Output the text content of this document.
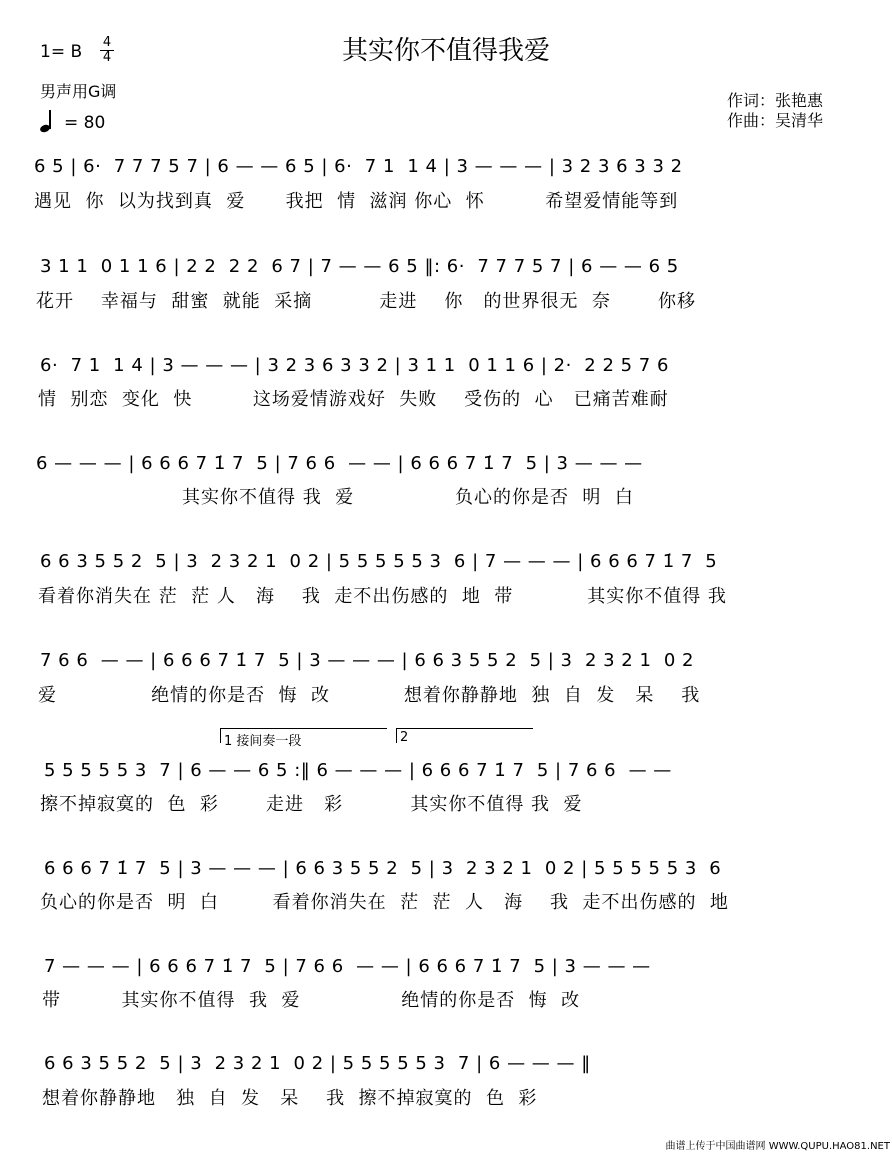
其实你不值得我爱
1= B 4
4
男声用G调
= 80
作词：张艳惠
作曲：吴清华
6 5 | 6·  7 7 7 5 7 | 6 — — 6 5 | 6·  7 1  1 4 | 3 — — — | 3 2 3 6 3 3 2
遇见  你  以为找到真  爱      我把  情  滋润 你心  怀         希望爱情能等到
3 1 1  0 1 1 6 | 2 2  2 2  6 7 | 7 — — 6 5 ‖: 6·  7 7 7 5 7 | 6 — — 6 5
花开    幸福与  甜蜜  就能  采摘          走进    你   的世界很无  奈       你移
6·  7 1  1 4 | 3 — — — | 3 2 3 6 3 3 2 | 3 1 1  0 1 1 6 | 2·  2 2 5 7 6
情  别恋  变化  快         这场爱情游戏好  失败    受伤的  心   已痛苦难耐
6 — — — | 6 6 6 7 1̇ 7  5 | 7 6 6  — — | 6 6 6 7 1̇ 7  5 | 3 — — —
其实你不值得 我  爱               负心的你是否  明  白
6 6 3 5 5 2  5 | 3  2 3 2 1  0 2 | 5 5 5 5 5 3  6 | 7 — — — | 6 6 6 7 1̇ 7  5
看着你消失在 茫  茫 人   海    我  走不出伤感的  地  带           其实你不值得 我
7 6 6  — — | 6 6 6 7 1̇ 7  5 | 3 — — — | 6 6 3 5 5 2  5 | 3  2 3 2 1  0 2
爱              绝情的你是否  悔  改           想着你静静地  独  自  发   呆    我
1 接间奏一段	2
5 5 5 5 5 3  7 | 6 — — 6 5 :‖ 6 — — — | 6 6 6 7 1̇ 7  5 | 7 6 6  — —
擦不掉寂寞的  色  彩       走进   彩          其实你不值得 我  爱
6 6 6 7 1̇ 7  5 | 3 — — — | 6 6 3 5 5 2  5 | 3  2 3 2 1  0 2 | 5 5 5 5 5 3  6
负心的你是否  明  白        看着你消失在  茫  茫  人   海    我  走不出伤感的  地
7 — — — | 6 6 6 7 1̇ 7  5 | 7 6 6  — — | 6 6 6 7 1̇ 7  5 | 3 — — —
带         其实你不值得  我  爱               绝情的你是否  悔  改
6 6 3 5 5 2  5 | 3  2 3 2 1  0 2 | 5 5 5 5 5 3  7 | 6 — — — ‖
想着你静静地   独  自  发   呆    我  擦不掉寂寞的  色  彩
曲谱上传于中国曲谱网 WWW.QUPU.HAO81.NET
